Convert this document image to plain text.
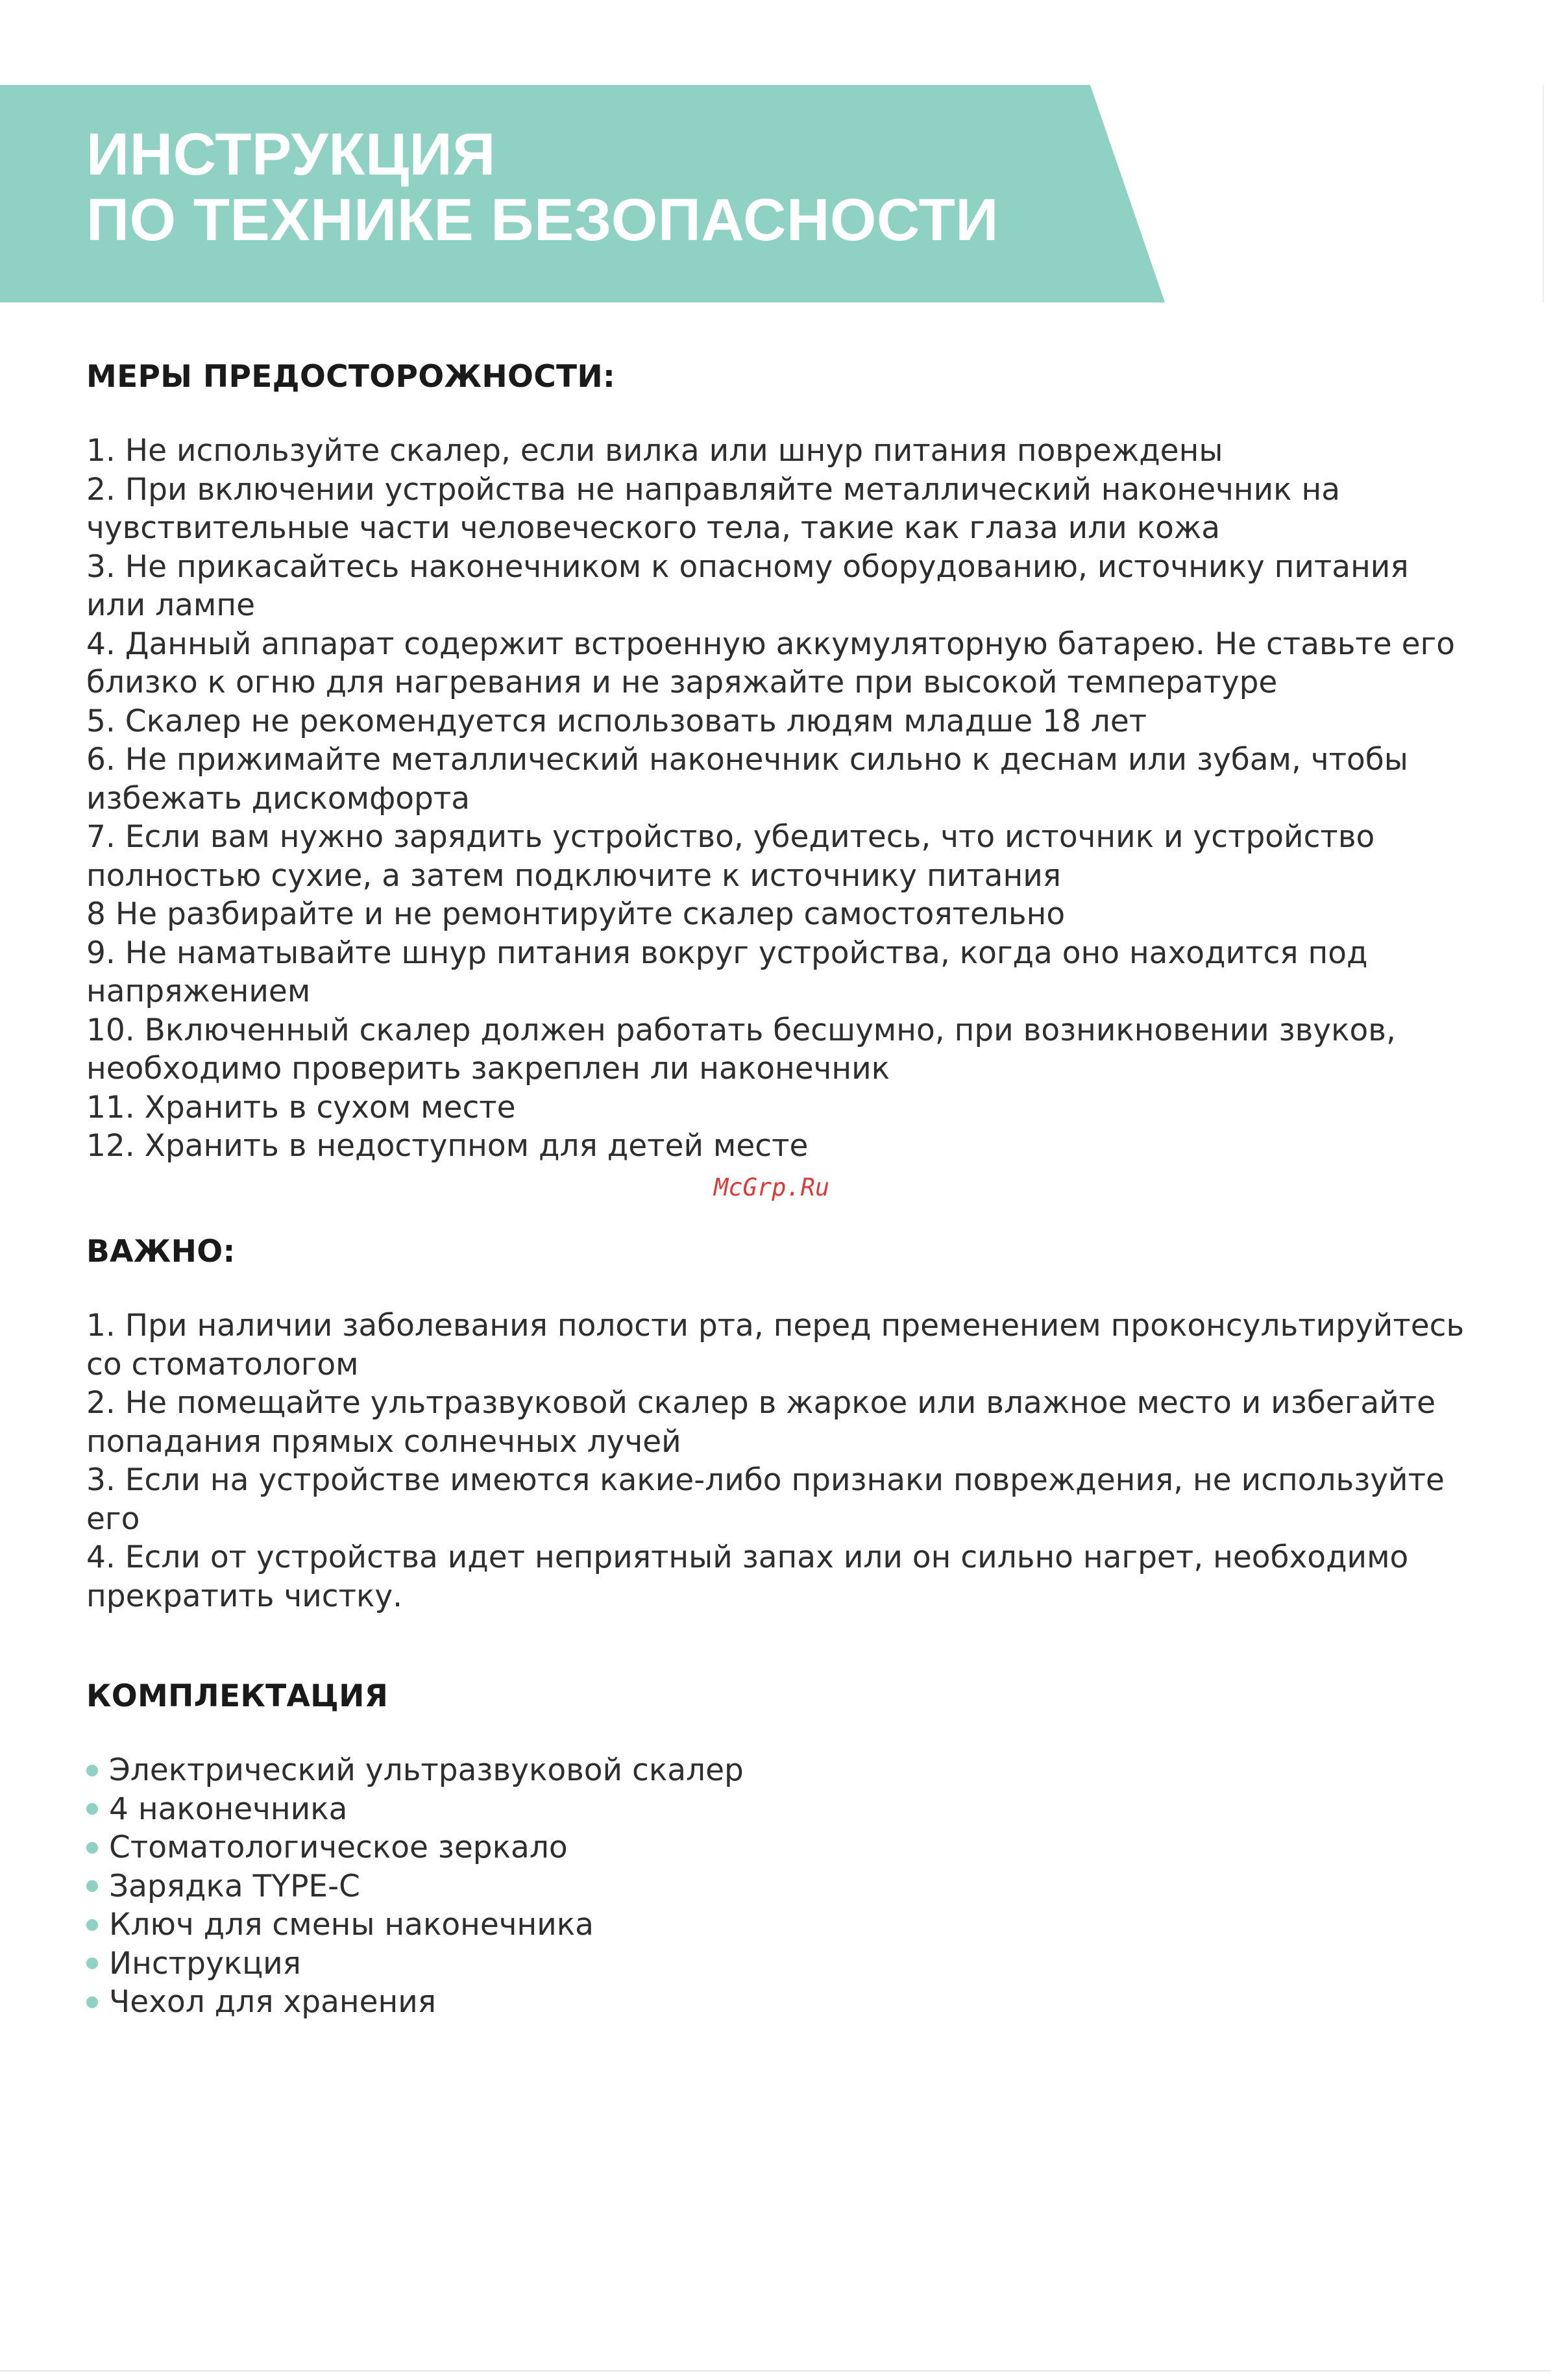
ИНСТРУКЦИЯ
ПО ТЕХНИКЕ БЕЗОПАСНОСТИ
МЕРЫ ПРЕДОСТОРОЖНОСТИ:
1. Не используйте скалер, если вилка или шнур питания повреждены
2. При включении устройства не направляйте металлический наконечник на чувствительные части человеческого тела, такие как глаза или кожа
3. Не прикасайтесь наконечником к опасному оборудованию, источнику питания или лампе
4. Данный аппарат содержит встроенную аккумуляторную батарею. Не ставьте его близко к огню для нагревания и не заряжайте при высокой температуре
5. Скалер не рекомендуется использовать людям младше 18 лет
6. Не прижимайте металлический наконечник сильно к деснам или зубам, чтобы избежать дискомфорта
7. Если вам нужно зарядить устройство, убедитесь, что источник и устройство полностью сухие, а затем подключите к источнику питания
8 Не разбирайте и не ремонтируйте скалер самостоятельно
9. Не наматывайте шнур питания вокруг устройства, когда оно находится под напряжением
10. Включенный скалер должен работать бесшумно, при возникновении звуков, необходимо проверить закреплен ли наконечник
11. Хранить в сухом месте
12. Хранить в недоступном для детей месте

McGrp.Ru

ВАЖНО:
1. При наличии заболевания полости рта, перед пременением проконсультируйтесь со стоматологом
2. Не помещайте ультразвуковой скалер в жаркое или влажное место и избегайте попадания прямых солнечных лучей
3. Если на устройстве имеются какие-либо признаки повреждения, не используйте его
4. Если от устройства идет неприятный запах или он сильно нагрет, необходимо прекратить чистку.
КОМПЛЕКТАЦИЯ
Электрический ультразвуковой скалер
4 наконечника
Стоматологическое зеркало
Зарядка TYPE-C
Ключ для смены наконечника
Инструкция
Чехол для хранения
